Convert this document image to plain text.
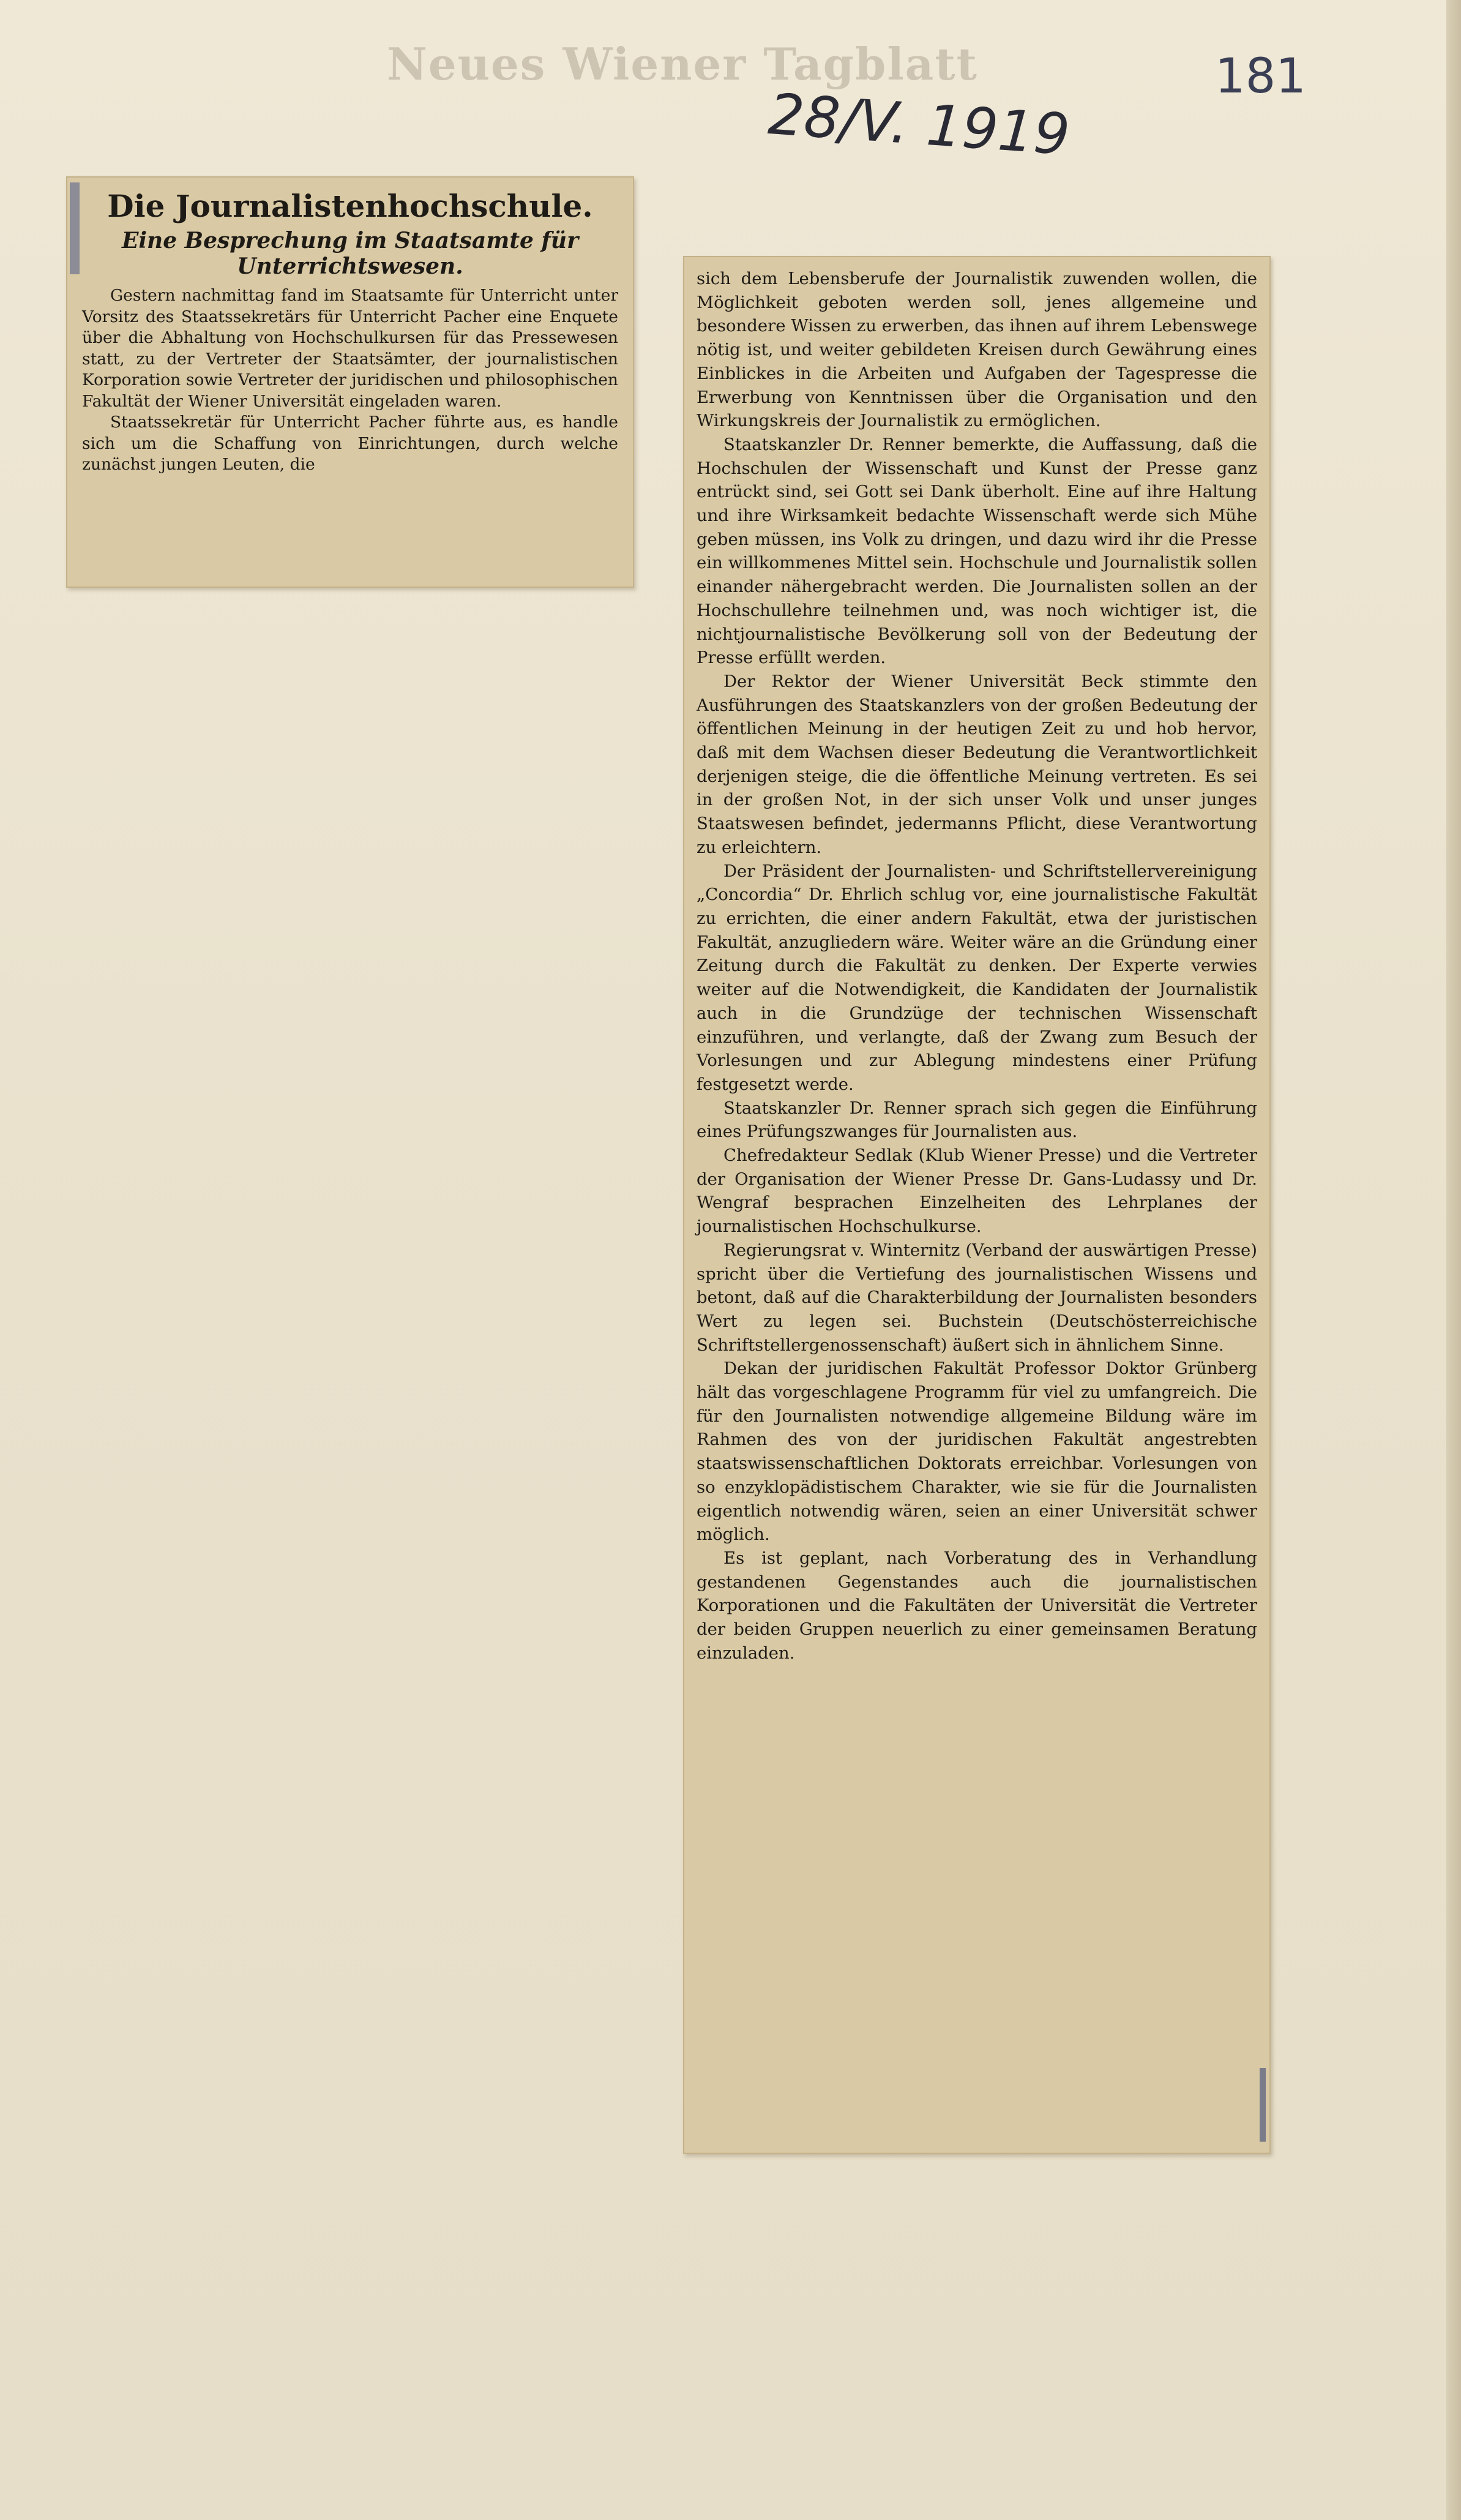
Neues Wiener Tagblatt	181
28/V. 1919
Die Journalistenhochschule.
Eine Besprechung im Staatsamte für Unterrichtswesen.

Gestern nachmittag fand im Staatsamte für Unterricht unter Vorsitz des Staatssekretärs für Unterricht Pacher eine Enquete über die Abhaltung von Hochschulkursen für das Pressewesen statt, zu der Vertreter der Staatsämter, der journalistischen Korporation sowie Vertreter der juridischen und philosophischen Fakultät der Wiener Universität eingeladen waren.

Staatssekretär für Unterricht Pacher führte aus, es handle sich um die Schaffung von Einrichtungen, durch welche zunächst jungen Leuten, die

sich dem Lebensberufe der Journalistik zuwenden wollen, die Möglichkeit geboten werden soll, jenes allgemeine und besondere Wissen zu erwerben, das ihnen auf ihrem Lebenswege nötig ist, und weiter gebildeten Kreisen durch Gewährung eines Einblickes in die Arbeiten und Aufgaben der Tagespresse die Erwerbung von Kenntnissen über die Organisation und den Wirkungskreis der Journalistik zu ermöglichen.

Staatskanzler Dr. Renner bemerkte, die Auffassung, daß die Hochschulen der Wissenschaft und Kunst der Presse ganz entrückt sind, sei Gott sei Dank überholt. Eine auf ihre Haltung und ihre Wirksamkeit bedachte Wissenschaft werde sich Mühe geben müssen, ins Volk zu dringen, und dazu wird ihr die Presse ein willkommenes Mittel sein. Hochschule und Journalistik sollen einander nähergebracht werden. Die Journalisten sollen an der Hochschullehre teilnehmen und, was noch wichtiger ist, die nichtjournalistische Bevölkerung soll von der Bedeutung der Presse erfüllt werden.

Der Rektor der Wiener Universität Beck stimmte den Ausführungen des Staatskanzlers von der großen Bedeutung der öffentlichen Meinung in der heutigen Zeit zu und hob hervor, daß mit dem Wachsen dieser Bedeutung die Verantwortlichkeit derjenigen steige, die die öffentliche Meinung vertreten. Es sei in der großen Not, in der sich unser Volk und unser junges Staatswesen befindet, jedermanns Pflicht, diese Verantwortung zu erleichtern.

Der Präsident der Journalisten- und Schriftstellervereinigung „Concordia“ Dr. Ehrlich schlug vor, eine journalistische Fakultät zu errichten, die einer andern Fakultät, etwa der juristischen Fakultät, anzugliedern wäre. Weiter wäre an die Gründung einer Zeitung durch die Fakultät zu denken. Der Experte verwies weiter auf die Notwendigkeit, die Kandidaten der Journalistik auch in die Grundzüge der technischen Wissenschaft einzuführen, und verlangte, daß der Zwang zum Besuch der Vorlesungen und zur Ablegung mindestens einer Prüfung festgesetzt werde.

Staatskanzler Dr. Renner sprach sich gegen die Einführung eines Prüfungszwanges für Journalisten aus.

Chefredakteur Sedlak (Klub Wiener Presse) und die Vertreter der Organisation der Wiener Presse Dr. Gans-Ludassy und Dr. Wengraf besprachen Einzelheiten des Lehrplanes der journalistischen Hochschulkurse.

Regierungsrat v. Winternitz (Verband der auswärtigen Presse) spricht über die Vertiefung des journalistischen Wissens und betont, daß auf die Charakterbildung der Journalisten besonders Wert zu legen sei. Buchstein (Deutschösterreichische Schriftstellergenossenschaft) äußert sich in ähnlichem Sinne.

Dekan der juridischen Fakultät Professor Doktor Grünberg hält das vorgeschlagene Programm für viel zu umfangreich. Die für den Journalisten notwendige allgemeine Bildung wäre im Rahmen des von der juridischen Fakultät angestrebten staatswissenschaftlichen Doktorats erreichbar. Vorlesungen von so enzyklopädistischem Charakter, wie sie für die Journalisten eigentlich notwendig wären, seien an einer Universität schwer möglich.

Es ist geplant, nach Vorberatung des in Verhandlung gestandenen Gegenstandes auch die journalistischen Korporationen und die Fakultäten der Universität die Vertreter der beiden Gruppen neuerlich zu einer gemeinsamen Beratung einzuladen.
